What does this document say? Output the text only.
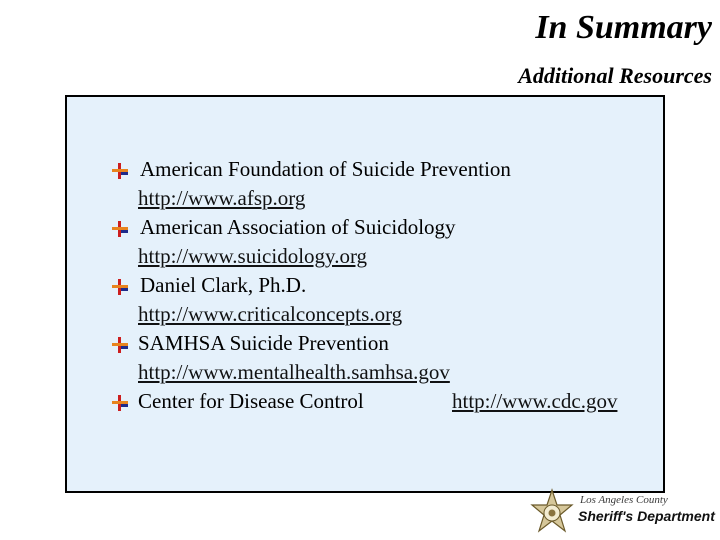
In Summary
Additional Resources
American Foundation of Suicide Prevention
http://www.afsp.org
American Association of Suicidology
http://www.suicidology.org
Daniel Clark, Ph.D.
http://www.criticalconcepts.org
SAMHSA Suicide Prevention
http://www.mentalhealth.samhsa.gov
Center for Disease Control	http://www.cdc.gov
Los Angeles County
Sheriff's Department
